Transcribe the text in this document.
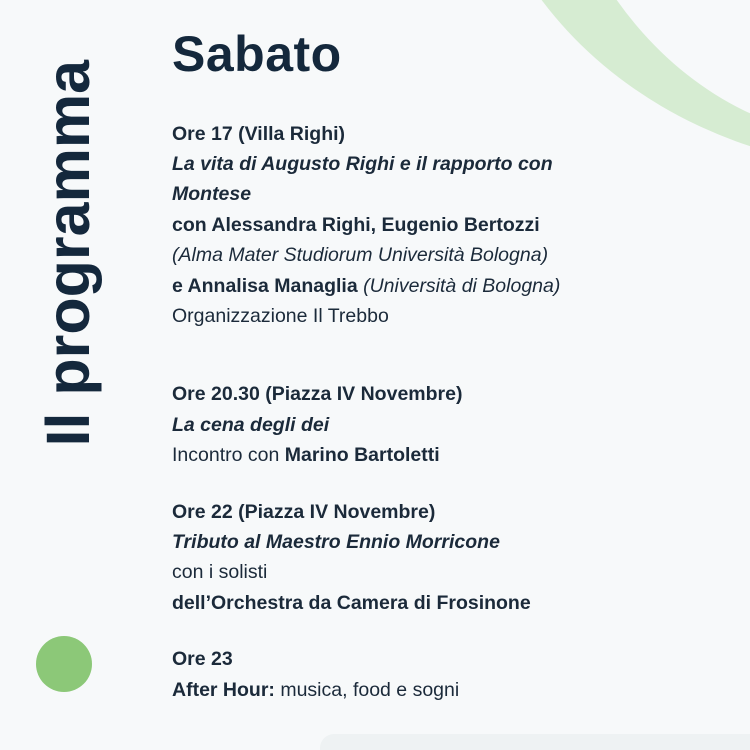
Il programma
Sabato
Ore 17 (Villa Righi)
La vita di Augusto Righi e il rapporto con
Montese
con Alessandra Righi, Eugenio Bertozzi
(Alma Mater Studiorum Università Bologna)
e Annalisa Managlia (Università di Bologna)
Organizzazione Il Trebbo
Ore 20.30 (Piazza IV Novembre)
La cena degli dei
Incontro con Marino Bartoletti
Ore 22 (Piazza IV Novembre)
Tributo al Maestro Ennio Morricone
con i solisti
dell’Orchestra da Camera di Frosinone
Ore 23
After Hour: musica, food e sogni
